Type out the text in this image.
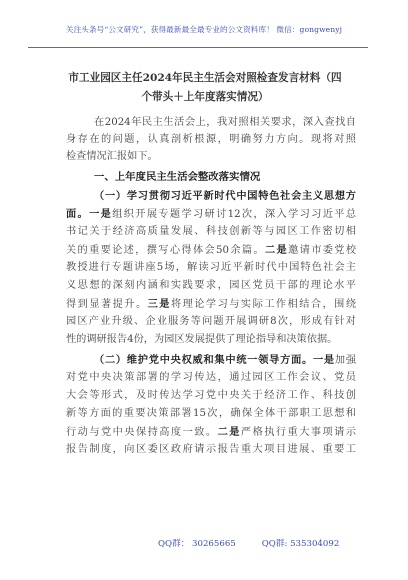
关注头条号“公文研究”，获得最新最全最专业的公文资料库！ 微信：gongwenyj
市工业园区主任2024年民主生活会对照检查发言材料（四
个带头＋上年度落实情况）
在2024年民主生活会上，我对照相关要求，深入查找自
身存在的问题，认真剖析根源，明确努力方向。现将对照
检查情况汇报如下。
一、上年度民主生活会整改落实情况
（一）学习贯彻习近平新时代中国特色社会主义思想方
面。一是组织开展专题学习研讨12次，深入学习习近平总
书记关于经济高质量发展、科技创新等与园区工作密切相
关的重要论述，撰写心得体会50余篇。二是邀请市委党校
教授进行专题讲座5场，解读习近平新时代中国特色社会主
义思想的深刻内涵和实践要求，园区党员干部的理论水平
得到显著提升。三是将理论学习与实际工作相结合，围绕
园区产业升级、企业服务等问题开展调研8次，形成有针对
性的调研报告4份，为园区发展提供了理论指导和决策依据。
（二）维护党中央权威和集中统一领导方面。一是加强
对党中央决策部署的学习传达，通过园区工作会议、党员
大会等形式，及时传达学习党中央关于经济工作、科技创
新等方面的重要决策部署15次，确保全体干部职工思想和
行动与党中央保持高度一致。二是严格执行重大事项请示
报告制度，向区委区政府请示报告重大项目进展、重要工
QQ群： 30265665	QQ群: 535304092
